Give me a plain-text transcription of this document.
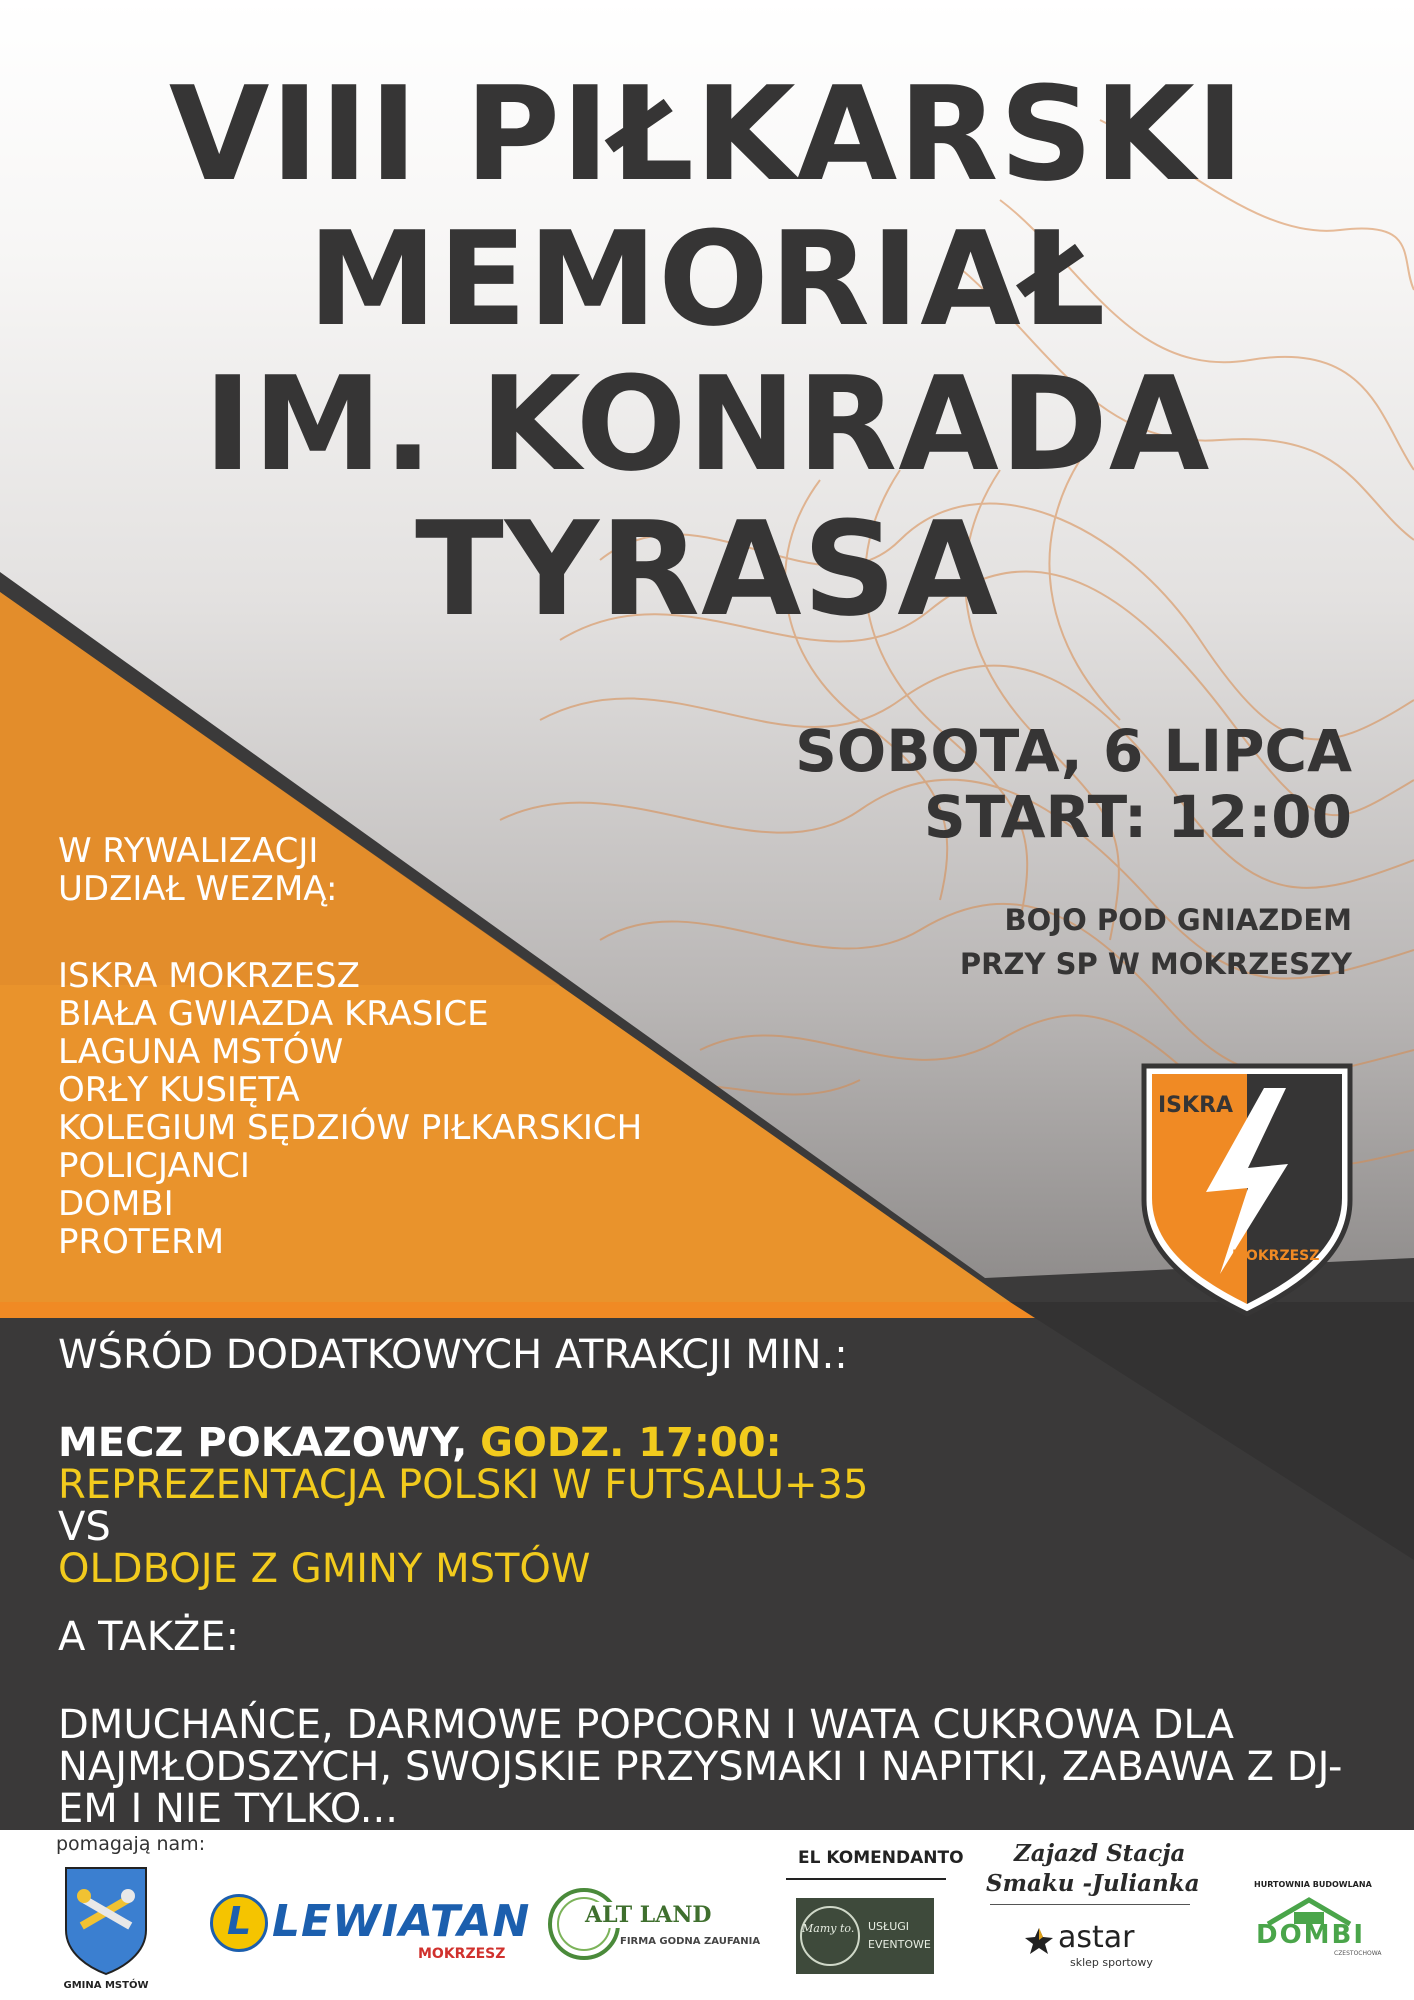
VIII PIŁKARSKI
MEMORIAŁ
IM. KONRADA
TYRASA
SOBOTA, 6 LIPCA
START: 12:00
BOJO POD GNIAZDEM
PRZY SP W MOKRZESZY
W RYWALIZACJI
UDZIAŁ WEZMĄ:
ISKRA MOKRZESZ
BIAŁA GWIAZDA KRASICE
LAGUNA MSTÓW
ORŁY KUSIĘTA
KOLEGIUM SĘDZIÓW PIŁKARSKICH
POLICJANCI
DOMBI
PROTERM
ISKRA
MOKRZESZ
WŚRÓD DODATKOWYCH ATRAKCJI MIN.:
MECZ POKAZOWY, GODZ. 17:00:
REPREZENTACJA POLSKI W FUTSALU+35
VS
OLDBOJE Z GMINY MSTÓW
A TAKŻE:
DMUCHAŃCE, DARMOWE POPCORN I WATA CUKROWA DLA NAJMŁODSZYCH, SWOJSKIE PRZYSMAKI I NAPITKI, ZABAWA Z DJ-EM I NIE TYLKO...
pomagają nam:
GMINA MSTÓW
L LEWIATAN
MOKRZESZ
ALT LAND
FIRMA GODNA ZAUFANIA
EL KOMENDANTO
Mamy to. USŁUGI
EVENTOWE
Zajazd Stacja
Smaku -Julianka
astar
sklep sportowy
HURTOWNIA BUDOWLANA
DOMBI
CZESTOCHOWA
